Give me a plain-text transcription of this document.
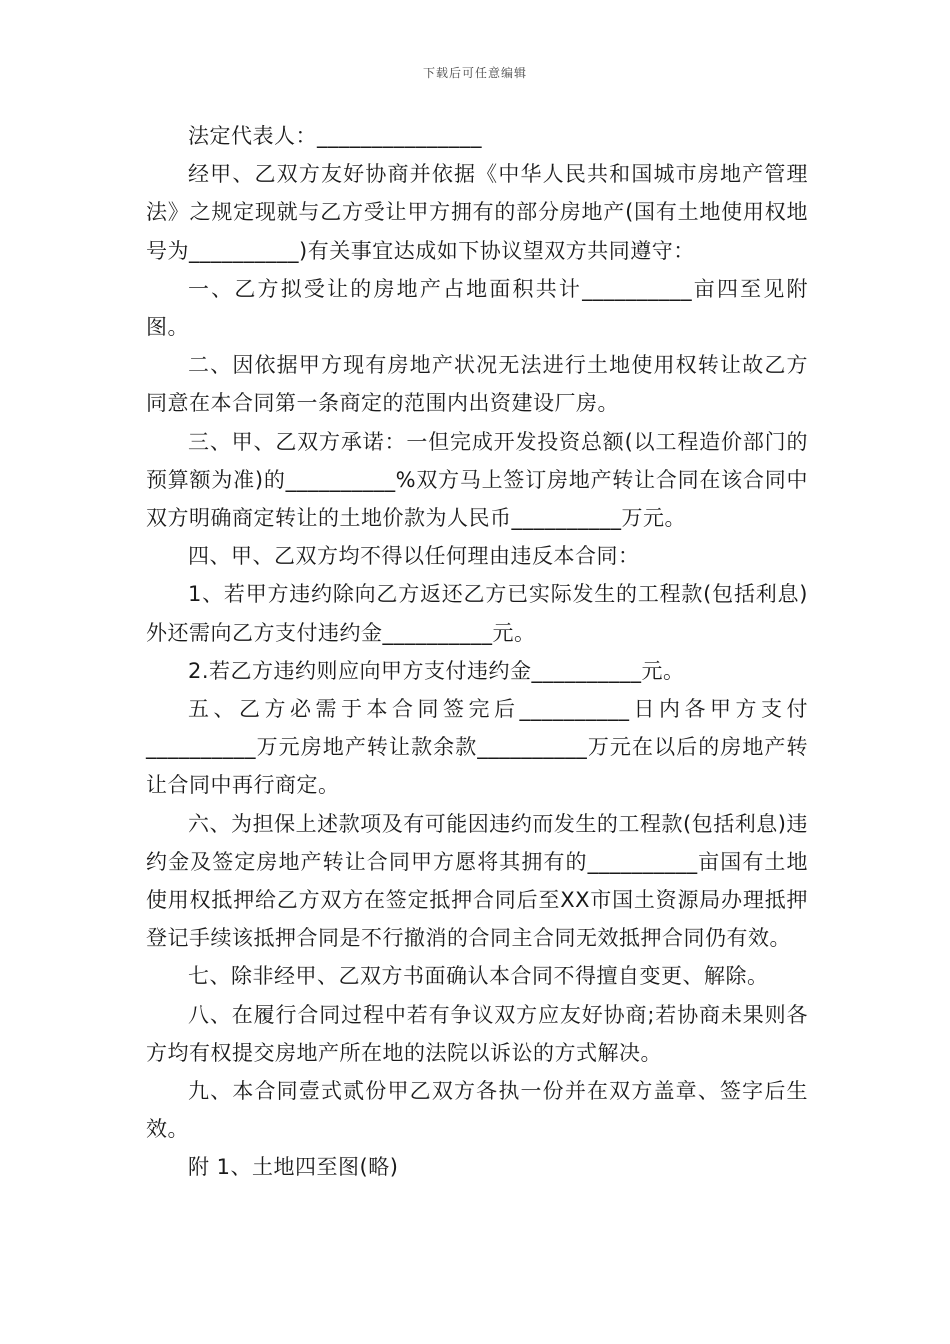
下载后可任意编辑

法定代表人：_______________

经甲、乙双方友好协商并依据《中华人民共和国城市房地产管理法》之规定现就与乙方受让甲方拥有的部分房地产(国有土地使用权地号为__________)有关事宜达成如下协议望双方共同遵守：

一、乙方拟受让的房地产占地面积共计__________亩四至见附图。

二、因依据甲方现有房地产状况无法进行土地使用权转让故乙方同意在本合同第一条商定的范围内出资建设厂房。

三、甲、乙双方承诺：一但完成开发投资总额(以工程造价部门的预算额为准)的__________%双方马上签订房地产转让合同在该合同中双方明确商定转让的土地价款为人民币__________万元。

四、甲、乙双方均不得以任何理由违反本合同：

1、若甲方违约除向乙方返还乙方已实际发生的工程款(包括利息)外还需向乙方支付违约金__________元。

2.若乙方违约则应向甲方支付违约金__________元。

五、乙方必需于本合同签完后__________日内各甲方支付__________万元房地产转让款余款__________万元在以后的房地产转让合同中再行商定。

六、为担保上述款项及有可能因违约而发生的工程款(包括利息)违约金及签定房地产转让合同甲方愿将其拥有的__________亩国有土地使用权抵押给乙方双方在签定抵押合同后至XX市国土资源局办理抵押登记手续该抵押合同是不行撤消的合同主合同无效抵押合同仍有效。

七、除非经甲、乙双方书面确认本合同不得擅自变更、解除。

八、在履行合同过程中若有争议双方应友好协商;若协商未果则各方均有权提交房地产所在地的法院以诉讼的方式解决。

九、本合同壹式贰份甲乙双方各执一份并在双方盖章、签字后生效。

附 1、土地四至图(略)
